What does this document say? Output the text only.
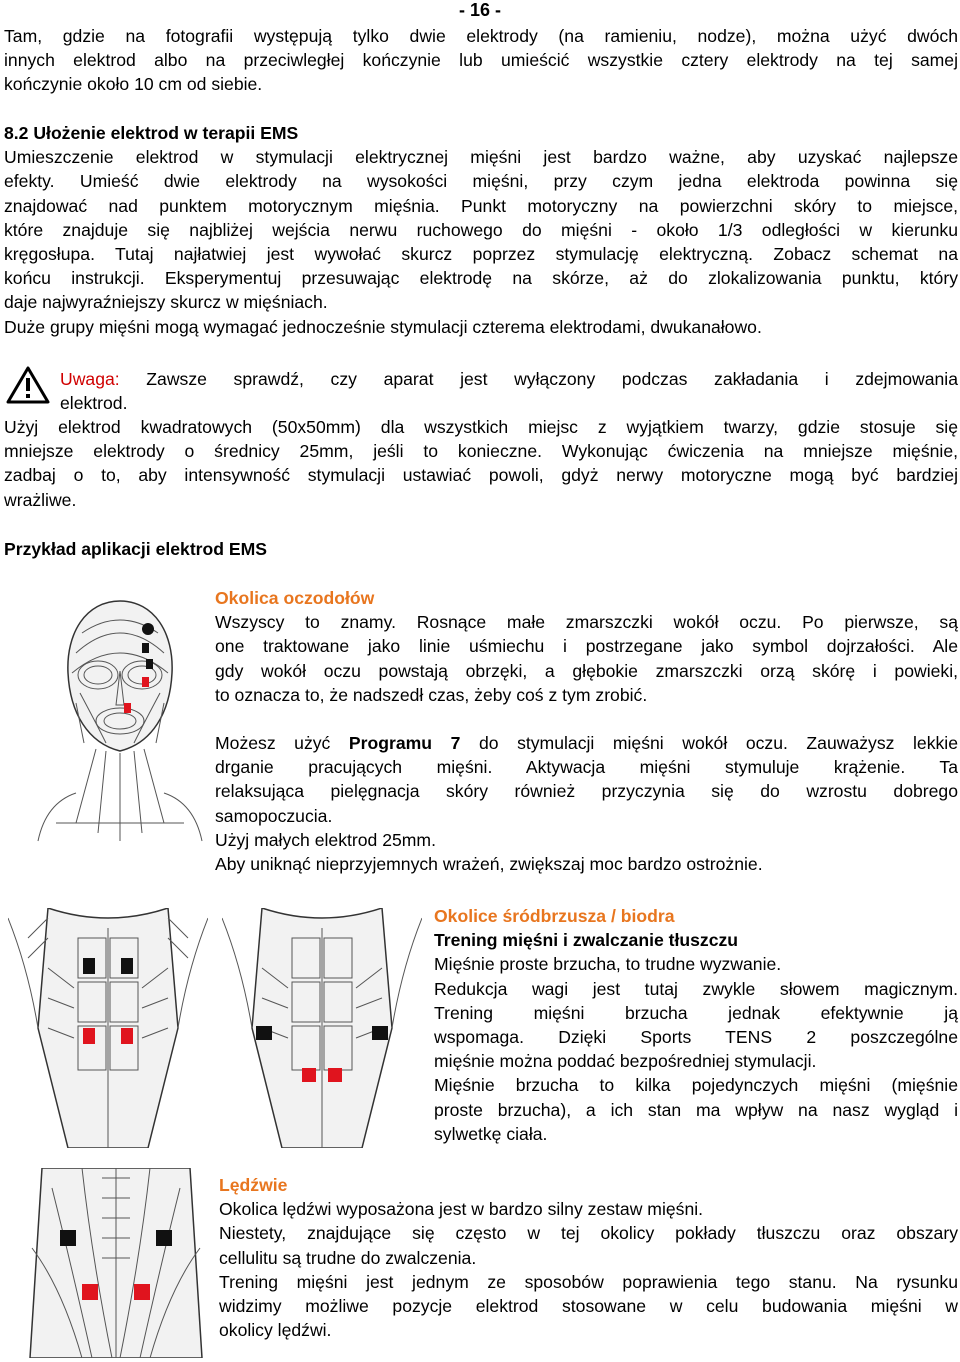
- 16 -

Tam, gdzie na fotografii występują tylko dwie elektrody (na ramieniu, nodze), można użyć dwóch

innych elektrod albo na przeciwległej kończynie lub umieścić wszystkie cztery elektrody na tej samej

kończynie około 10 cm od siebie.

8.2 Ułożenie elektrod w terapii EMS

Umieszczenie elektrod w stymulacji elektrycznej mięśni jest bardzo ważne, aby uzyskać najlepsze

efekty. Umieść dwie elektrody na wysokości mięśni, przy czym jedna elektroda powinna się

znajdować nad punktem motorycznym mięśnia. Punkt motoryczny na powierzchni skóry to miejsce,

które znajduje się najbliżej wejścia nerwu ruchowego do mięśni - około 1/3 odległości w kierunku

kręgosłupa. Tutaj najłatwiej jest wywołać skurcz poprzez stymulację elektryczną. Zobacz schemat na

końcu instrukcji. Eksperymentuj przesuwając elektrodę na skórze, aż do zlokalizowania punktu, który

daje najwyraźniejszy skurcz w mięśniach.

Duże grupy mięśni mogą wymagać jednocześnie stymulacji czterema elektrodami, dwukanałowo.

Uwaga: Zawsze sprawdź, czy aparat jest wyłączony podczas zakładania i zdejmowania

elektrod.

Użyj elektrod kwadratowych (50x50mm) dla wszystkich miejsc z wyjątkiem twarzy, gdzie stosuje się

mniejsze elektrody o średnicy 25mm, jeśli to konieczne. Wykonując ćwiczenia na mniejsze mięśnie,

zadbaj o to, aby intensywność stymulacji ustawiać powoli, gdyż nerwy motoryczne mogą być bardziej

wrażliwe.

Przykład aplikacji elektrod EMS

Okolica oczodołów

Wszyscy to znamy. Rosnące małe zmarszczki wokół oczu. Po pierwsze, są

one traktowane jako linie uśmiechu i postrzegane jako symbol dojrzałości. Ale

gdy wokół oczu powstają obrzęki, a głębokie zmarszczki orzą skórę i powieki,

to oznacza to, że nadszedł czas, żeby coś z tym zrobić.

Możesz użyć Programu 7 do stymulacji mięśni wokół oczu. Zauważysz lekkie

drganie pracujących mięśni. Aktywacja mięśni stymuluje krążenie. Ta

relaksująca pielęgnacja skóry również przyczynia się do wzrostu dobrego

samopoczucia.

Użyj małych elektrod 25mm.

Aby uniknąć nieprzyjemnych wrażeń, zwiększaj moc bardzo ostrożnie.

Okolice śródbrzusza / biodra

Trening mięśni i zwalczanie tłuszczu

Mięśnie proste brzucha, to trudne wyzwanie.

Redukcja wagi jest tutaj zwykle słowem magicznym.

Trening mięśni brzucha jednak efektywnie ją

wspomaga. Dzięki Sports TENS 2 poszczególne

mięśnie można poddać bezpośredniej stymulacji.

Mięśnie brzucha to kilka pojedynczych mięśni (mięśnie

proste brzucha), a ich stan ma wpływ na nasz wygląd i

sylwetkę ciała.

Lędźwie

Okolica lędźwi wyposażona jest w bardzo silny zestaw mięśni.

Niestety, znajdujące się często w tej okolicy pokłady tłuszczu oraz obszary

cellulitu są trudne do zwalczenia.

Trening mięśni jest jednym ze sposobów poprawienia tego stanu. Na rysunku

widzimy możliwe pozycje elektrod stosowane w celu budowania mięśni w

okolicy lędźwi.
